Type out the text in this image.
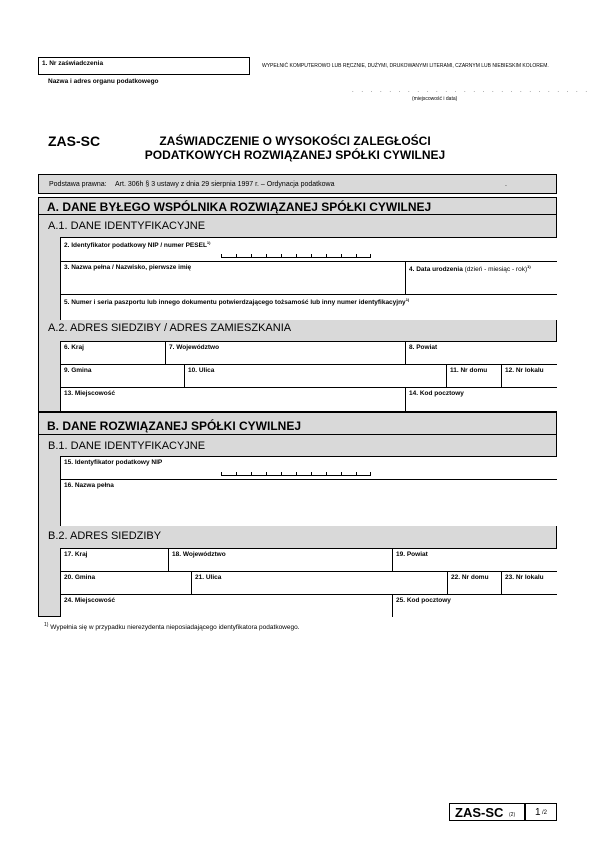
1. Nr zaświadczenia	WYPEŁNIĆ KOMPUTEROWO LUB RĘCZNIE, DUŻYMI, DRUKOWANYMI LITERAMI, CZARNYM LUB NIEBIESKIM KOLOREM.
Nazwa i adres organu podatkowego
. . . . . . . . . . . . . . . . . . . . . . . . . .
(miejscowość i data)
ZAS-SC	ZAŚWIADCZENIE O WYSOKOŚCI ZALEGŁOŚCI
PODATKOWYCH ROZWIĄZANEJ SPÓŁKI CYWILNEJ
Podstawa prawna: Art. 306h § 3 ustawy z dnia 29 sierpnia 1997 r. – Ordynacja podatkowa	.
A. DANE BYŁEGO WSPÓLNIKA ROZWIĄZANEJ SPÓŁKI CYWILNEJ
A.1. DANE IDENTYFIKACYJNE
2. Identyfikator podatkowy NIP / numer PESEL$^{1)}$
3. Nazwa pełna / Nazwisko, pierwsze imię	4. Data urodzenia (dzień - miesiąc - rok)$^{1)}$
5. Numer i seria paszportu lub innego dokumentu potwierdzającego tożsamość lub inny numer identyfikacyjny$^{1)}$
A.2. ADRES SIEDZIBY / ADRES ZAMIESZKANIA
6. Kraj	7. Województwo	8. Powiat
9. Gmina	10. Ulica	11. Nr domu	12. Nr lokalu
13. Miejscowość	14. Kod pocztowy
B. DANE ROZWIĄZANEJ SPÓŁKI CYWILNEJ
B.1. DANE IDENTYFIKACYJNE
15. Identyfikator podatkowy NIP
16. Nazwa pełna
B.2. ADRES SIEDZIBY
17. Kraj	18. Województwo	19. Powiat
20. Gmina	21. Ulica	22. Nr domu	23. Nr lokalu
24. Miejscowość	25. Kod pocztowy
$^{1)}$ Wypełnia się w przypadku nierezydenta nieposiadającego identyfikatora podatkowego.
ZAS-SC (2) 1 /2
